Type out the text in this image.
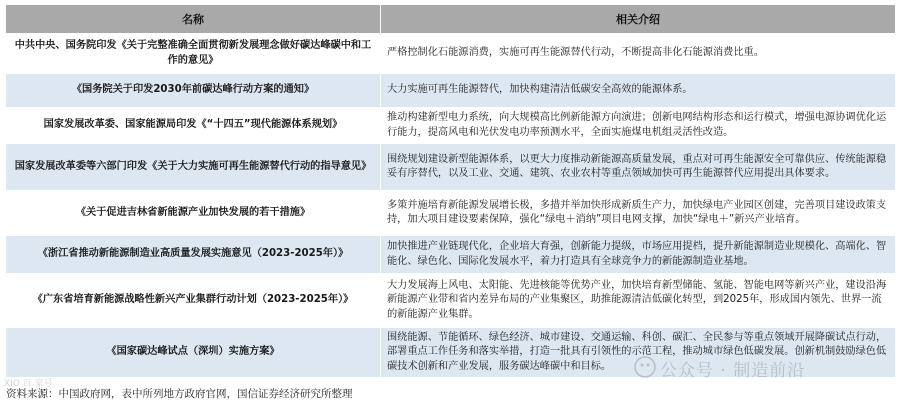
名称	相关介绍
中共中央、国务院印发《关于完整准确全面贯彻新发展理念做好碳达峰碳中和工作的意见》	严格控制化石能源消费，实施可再生能源替代行动，不断提高非化石能源消费比重。
《国务院关于印发2030年前碳达峰行动方案的通知》	大力实施可再生能源替代，加快构建清洁低碳安全高效的能源体系。
国家发展改革委、国家能源局印发《“十四五”现代能源体系规划》	推动构建新型电力系统，向大规模高比例新能源方向演进；创新电网结构形态和运行模式，增强电源协调优化运行能力，提高风电和光伏发电功率预测水平，全面实施煤电机组灵活性改造。
国家发展改革委等六部门印发《关于大力实施可再生能源替代行动的指导意见》	围绕规划建设新型能源体系，以更大力度推动新能源高质量发展，重点对可再生能源安全可靠供应、传统能源稳妥有序替代，以及工业、交通、建筑、农业农村等重点领域加快可再生能源替代应用提出具体要求。
《关于促进吉林省新能源产业加快发展的若干措施》	多策并施培育新能源发展增长极，多措并举加快形成新质生产力，加快绿电产业园区创建，完善项目建设政策支持，加大项目建设要素保障，强化“绿电＋消纳”项目电网支撑，加快“绿电＋”新兴产业培育。
《浙江省推动新能源制造业高质量发展实施意见（2023-2025年）》	加快推进产业链现代化，企业培大育强，创新能力提级，市场应用提档，提升新能源制造业规模化、高端化、智能化、绿色化、国际化发展水平，着力打造具有全球竞争力的新能源制造业基地。
《广东省培育新能源战略性新兴产业集群行动计划（2023-2025年）》	大力发展海上风电、太阳能、先进核能等优势产业，加快培育新型储能、氢能、智能电网等新兴产业，建设沿海新能源产业带和省内差异布局的产业集聚区，助推能源清洁低碳化转型，到2025年，形成国内领先、世界一流的新能源产业集群。
《国家碳达峰试点（深圳）实施方案》	围绕能源、节能循环、绿色经济、城市建设、交通运输、科创、碳汇、全民参与等重点领域开展降碳试点行动，部署重点工作任务和落实举措，打造一批具有引领性的示范工程，推动城市绿色低碳发展。创新机制鼓励绿色低碳技术创新和产业发展，服务碳达峰碳中和目标。	公众号 · 制造前沿
XIO 百 家号
资料来源：中国政府网，表中所列地方政府官网，国信证券经济研究所整理
